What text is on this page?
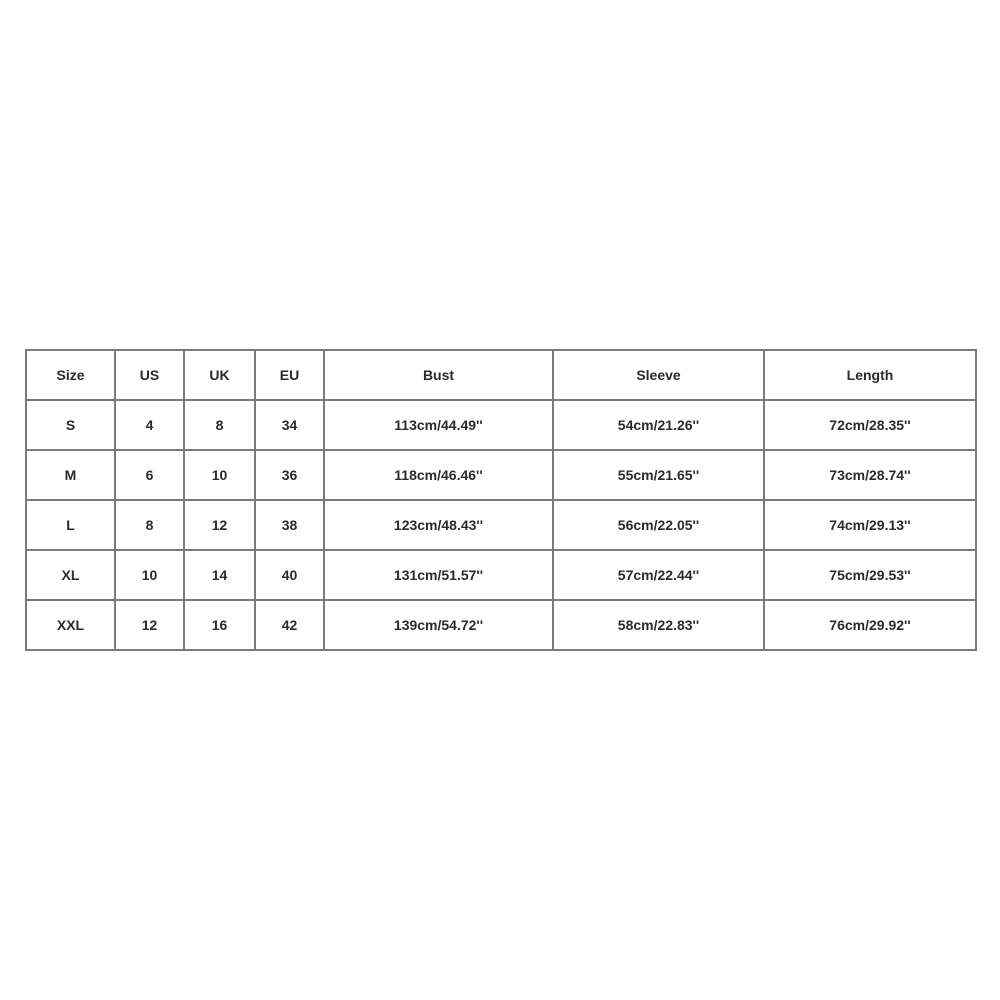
Size	US	UK	EU	Bust	Sleeve	Length
S	4	8	34	113cm/44.49''	54cm/21.26''	72cm/28.35''
M	6	10	36	118cm/46.46''	55cm/21.65''	73cm/28.74''
L	8	12	38	123cm/48.43''	56cm/22.05''	74cm/29.13''
XL	10	14	40	131cm/51.57''	57cm/22.44''	75cm/29.53''
XXL	12	16	42	139cm/54.72''	58cm/22.83''	76cm/29.92''
